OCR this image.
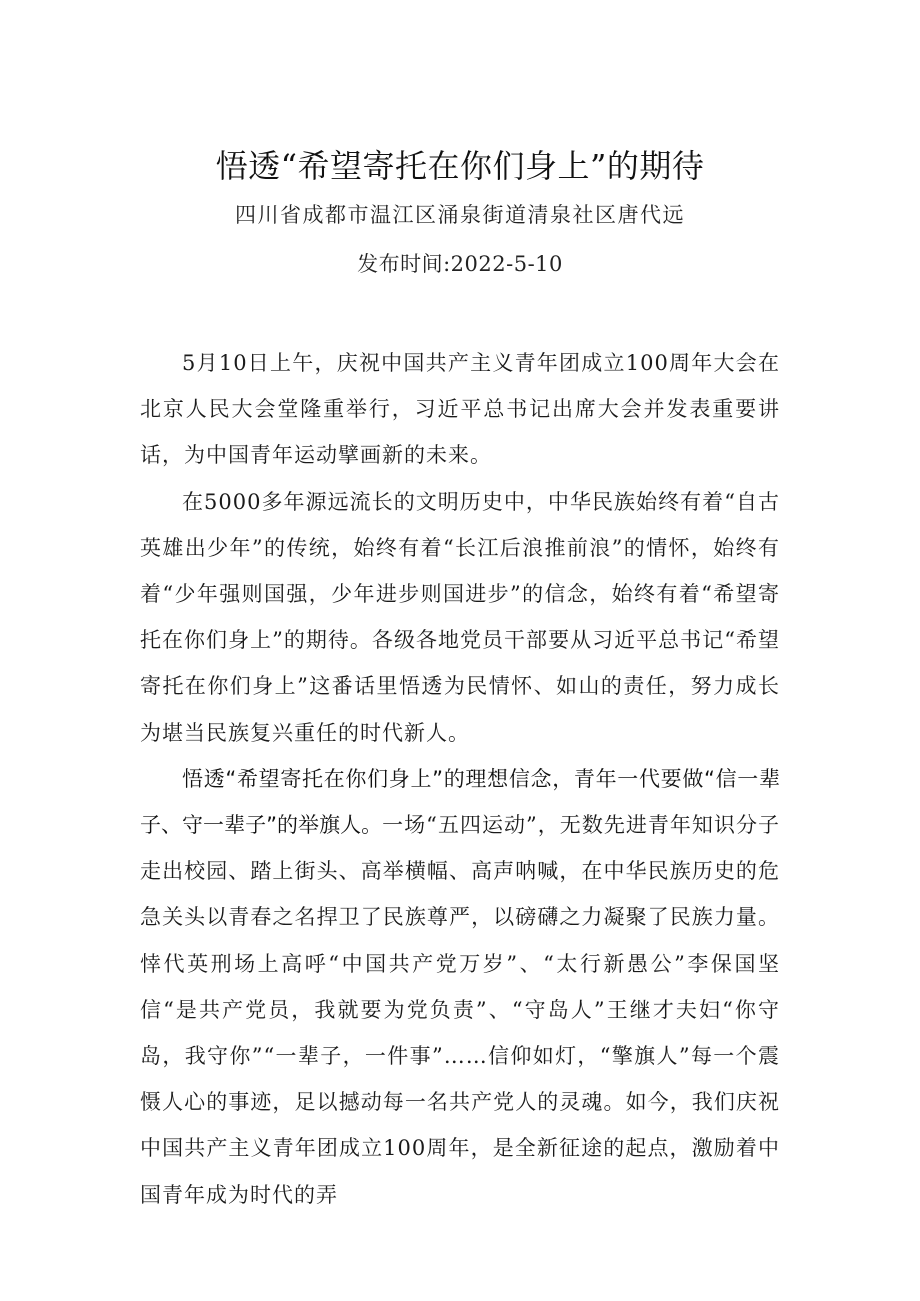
悟透“希望寄托在你们身上”的期待
四川省成都市温江区涌泉街道清泉社区唐代远
发布时间:2022-5-10

5月10日上午，庆祝中国共产主义青年团成立100周年大会在北京人民大会堂隆重举行，习近平总书记出席大会并发表重要讲话，为中国青年运动擘画新的未来。

在5000多年源远流长的文明历史中，中华民族始终有着“自古英雄出少年”的传统，始终有着“长江后浪推前浪”的情怀，始终有着“少年强则国强，少年进步则国进步”的信念，始终有着“希望寄托在你们身上”的期待。各级各地党员干部要从习近平总书记“希望寄托在你们身上”这番话里悟透为民情怀、如山的责任，努力成长为堪当民族复兴重任的时代新人。

悟透“希望寄托在你们身上”的理想信念，青年一代要做“信一辈子、守一辈子”的举旗人。一场“五四运动”，无数先进青年知识分子走出校园、踏上街头、高举横幅、高声呐喊，在中华民族历史的危急关头以青春之名捍卫了民族尊严，以磅礴之力凝聚了民族力量。悻代英刑场上高呼“中国共产党万岁”、“太行新愚公”李保国坚信“是共产党员，我就要为党负责”、“守岛人”王继才夫妇“你守岛，我守你”“一辈子，一件事”……信仰如灯，“擎旗人”每一个震慑人心的事迹，足以撼动每一名共产党人的灵魂。如今，我们庆祝中国共产主义青年团成立100周年，是全新征途的起点，激励着中国青年成为时代的弄
